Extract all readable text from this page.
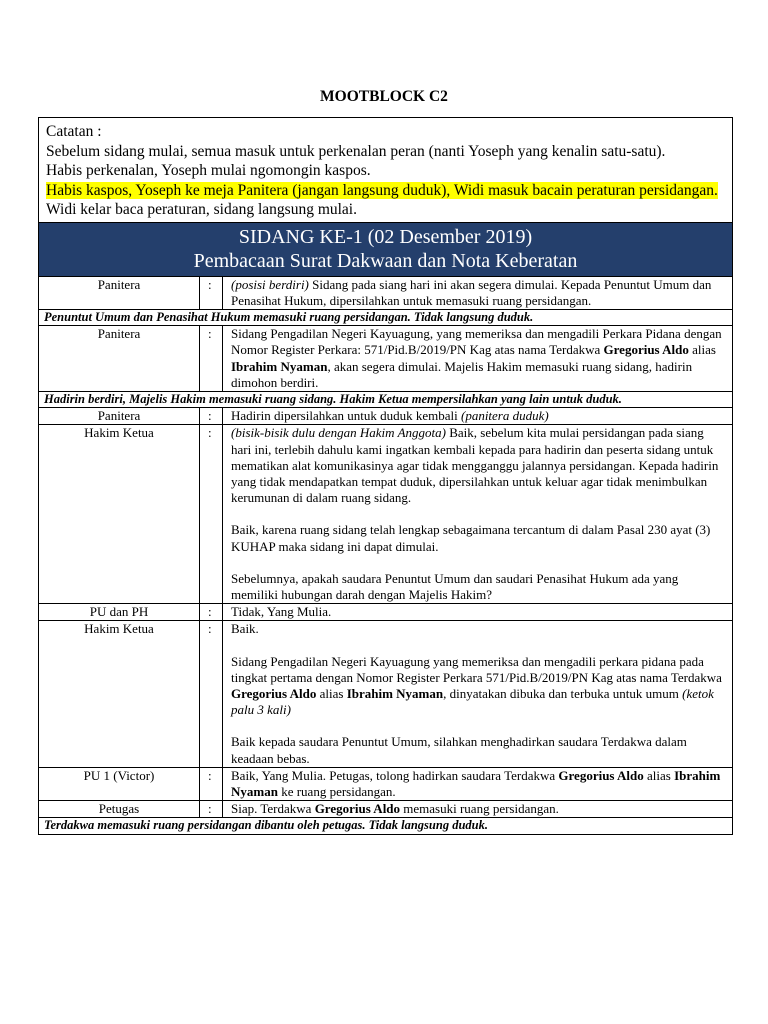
MOOTBLOCK C2
Catatan :
Sebelum sidang mulai, semua masuk untuk perkenalan peran (nanti Yoseph yang kenalin satu-satu).
Habis perkenalan, Yoseph mulai ngomongin kaspos.
Habis kaspos, Yoseph ke meja Panitera (jangan langsung duduk), Widi masuk bacain peraturan persidangan.
Widi kelar baca peraturan, sidang langsung mulai.
SIDANG KE-1 (02 Desember 2019)
Pembacaan Surat Dakwaan dan Nota Keberatan
Panitera	:	(posisi berdiri) Sidang pada siang hari ini akan segera dimulai. Kepada Penuntut Umum dan Penasihat Hukum, dipersilahkan untuk memasuki ruang persidangan.
Penuntut Umum dan Penasihat Hukum memasuki ruang persidangan. Tidak langsung duduk.		
Panitera	:	Sidang Pengadilan Negeri Kayuagung, yang memeriksa dan mengadili Perkara Pidana dengan Nomor Register Perkara: 571/Pid.B/2019/PN Kag atas nama Terdakwa Gregorius Aldo alias Ibrahim Nyaman, akan segera dimulai. Majelis Hakim memasuki ruang sidang, hadirin dimohon berdiri.
Hadirin berdiri, Majelis Hakim memasuki ruang sidang. Hakim Ketua mempersilahkan yang lain untuk duduk.		
Panitera	:	Hadirin dipersilahkan untuk duduk kembali (panitera duduk)
Hakim Ketua	:	(bisik-bisik dulu dengan Hakim Anggota) Baik, sebelum kita mulai persidangan pada siang hari ini, terlebih dahulu kami ingatkan kembali kepada para hadirin dan peserta sidang untuk mematikan alat komunikasinya agar tidak mengganggu jalannya persidangan. Kepada hadirin yang tidak mendapatkan tempat duduk, dipersilahkan untuk keluar agar tidak menimbulkan kerumunan di dalam ruang sidang.
Baik, karena ruang sidang telah lengkap sebagaimana tercantum di dalam Pasal 230 ayat (3) KUHAP maka sidang ini dapat dimulai.
Sebelumnya, apakah saudara Penuntut Umum dan saudari Penasihat Hukum ada yang memiliki hubungan darah dengan Majelis Hakim?

PU dan PH	:	Tidak, Yang Mulia.
Hakim Ketua	:	Baik.
Sidang Pengadilan Negeri Kayuagung yang memeriksa dan mengadili perkara pidana pada tingkat pertama dengan Nomor Register Perkara 571/Pid.B/2019/PN Kag atas nama Terdakwa Gregorius Aldo alias Ibrahim Nyaman, dinyatakan dibuka dan terbuka untuk umum (ketok palu 3 kali)
Baik kepada saudara Penuntut Umum, silahkan menghadirkan saudara Terdakwa dalam keadaan bebas.

PU 1 (Victor)	:	Baik, Yang Mulia. Petugas, tolong hadirkan saudara Terdakwa Gregorius Aldo alias Ibrahim Nyaman ke ruang persidangan.
Petugas	:	Siap. Terdakwa Gregorius Aldo memasuki ruang persidangan.
Terdakwa memasuki ruang persidangan dibantu oleh petugas. Tidak langsung duduk.		
